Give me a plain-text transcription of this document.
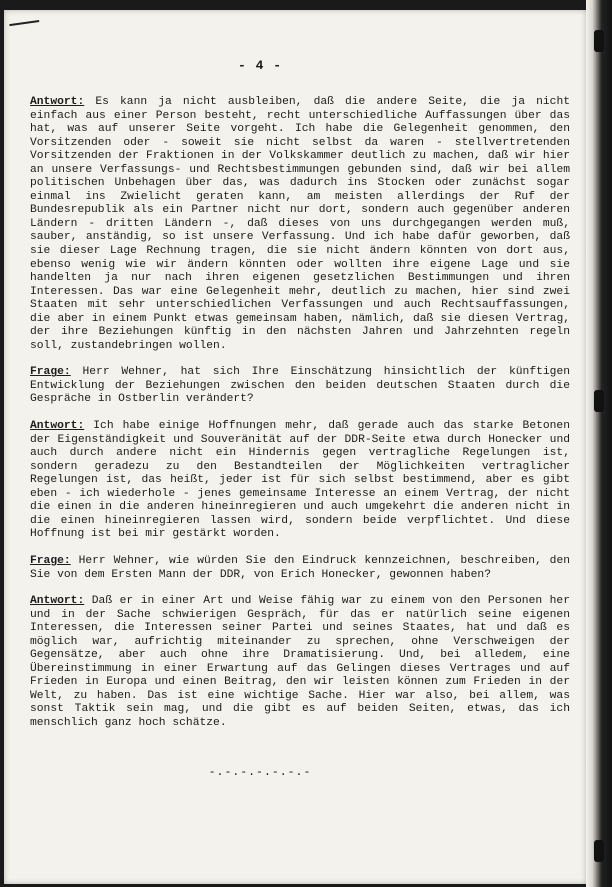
- 4 -

Antwort: Es kann ja nicht ausbleiben, daß die andere Seite, die ja nicht einfach aus einer Person besteht, recht unterschiedliche Auffassungen über das hat, was auf unserer Seite vorgeht. Ich habe die Gelegenheit genommen, den Vorsitzenden oder - soweit sie nicht selbst da waren - stellvertretenden Vorsitzenden der Fraktionen in der Volkskammer deutlich zu machen, daß wir hier an unsere Verfassungs- und Rechtsbestimmungen gebunden sind, daß wir bei allem politischen Unbehagen über das, was dadurch ins Stocken oder zunächst sogar einmal ins Zwielicht geraten kann, am meisten allerdings der Ruf der Bundesrepublik als ein Partner nicht nur dort, sondern auch gegenüber anderen Ländern - dritten Ländern -, daß dieses von uns durchgegangen werden muß, sauber, anständig, so ist unsere Verfassung. Und ich habe dafür geworben, daß sie dieser Lage Rechnung tragen, die sie nicht ändern könnten von dort aus, ebenso wenig wie wir ändern könnten oder wollten ihre eigene Lage und sie handelten ja nur nach ihren eigenen gesetzlichen Bestimmungen und ihren Interessen. Das war eine Gelegenheit mehr, deutlich zu machen, hier sind zwei Staaten mit sehr unterschiedlichen Verfassungen und auch Rechtsauffassungen, die aber in einem Punkt etwas gemeinsam haben, nämlich, daß sie diesen Vertrag, der ihre Beziehungen künftig in den nächsten Jahren und Jahrzehnten regeln soll, zustandebringen wollen.

Frage: Herr Wehner, hat sich Ihre Einschätzung hinsichtlich der künftigen Entwicklung der Beziehungen zwischen den beiden deutschen Staaten durch die Gespräche in Ostberlin verändert?

Antwort: Ich habe einige Hoffnungen mehr, daß gerade auch das starke Betonen der Eigenständigkeit und Souveränität auf der DDR-Seite etwa durch Honecker und auch durch andere nicht ein Hindernis gegen vertragliche Regelungen ist, sondern geradezu zu den Bestandteilen der Möglichkeiten vertraglicher Regelungen ist, das heißt, jeder ist für sich selbst bestimmend, aber es gibt eben - ich wiederhole - jenes gemeinsame Interesse an einem Vertrag, der nicht die einen in die anderen hineinregieren und auch umgekehrt die anderen nicht in die einen hineinregieren lassen wird, sondern beide verpflichtet. Und diese Hoffnung ist bei mir gestärkt worden.

Frage: Herr Wehner, wie würden Sie den Eindruck kennzeichnen, beschreiben, den Sie von dem Ersten Mann der DDR, von Erich Honecker, gewonnen haben?

Antwort: Daß er in einer Art und Weise fähig war zu einem von den Personen her und in der Sache schwierigen Gespräch, für das er natürlich seine eigenen Interessen, die Interessen seiner Partei und seines Staates, hat und daß es möglich war, aufrichtig miteinander zu sprechen, ohne Verschweigen der Gegensätze, aber auch ohne ihre Dramatisierung. Und, bei alledem, eine Übereinstimmung in einer Erwartung auf das Gelingen dieses Vertrages und auf Frieden in Europa und einen Beitrag, den wir leisten können zum Frieden in der Welt, zu haben. Das ist eine wichtige Sache. Hier war also, bei allem, was sonst Taktik sein mag, und die gibt es auf beiden Seiten, etwas, das ich menschlich ganz hoch schätze.

-.-.-.-.-.-.-
